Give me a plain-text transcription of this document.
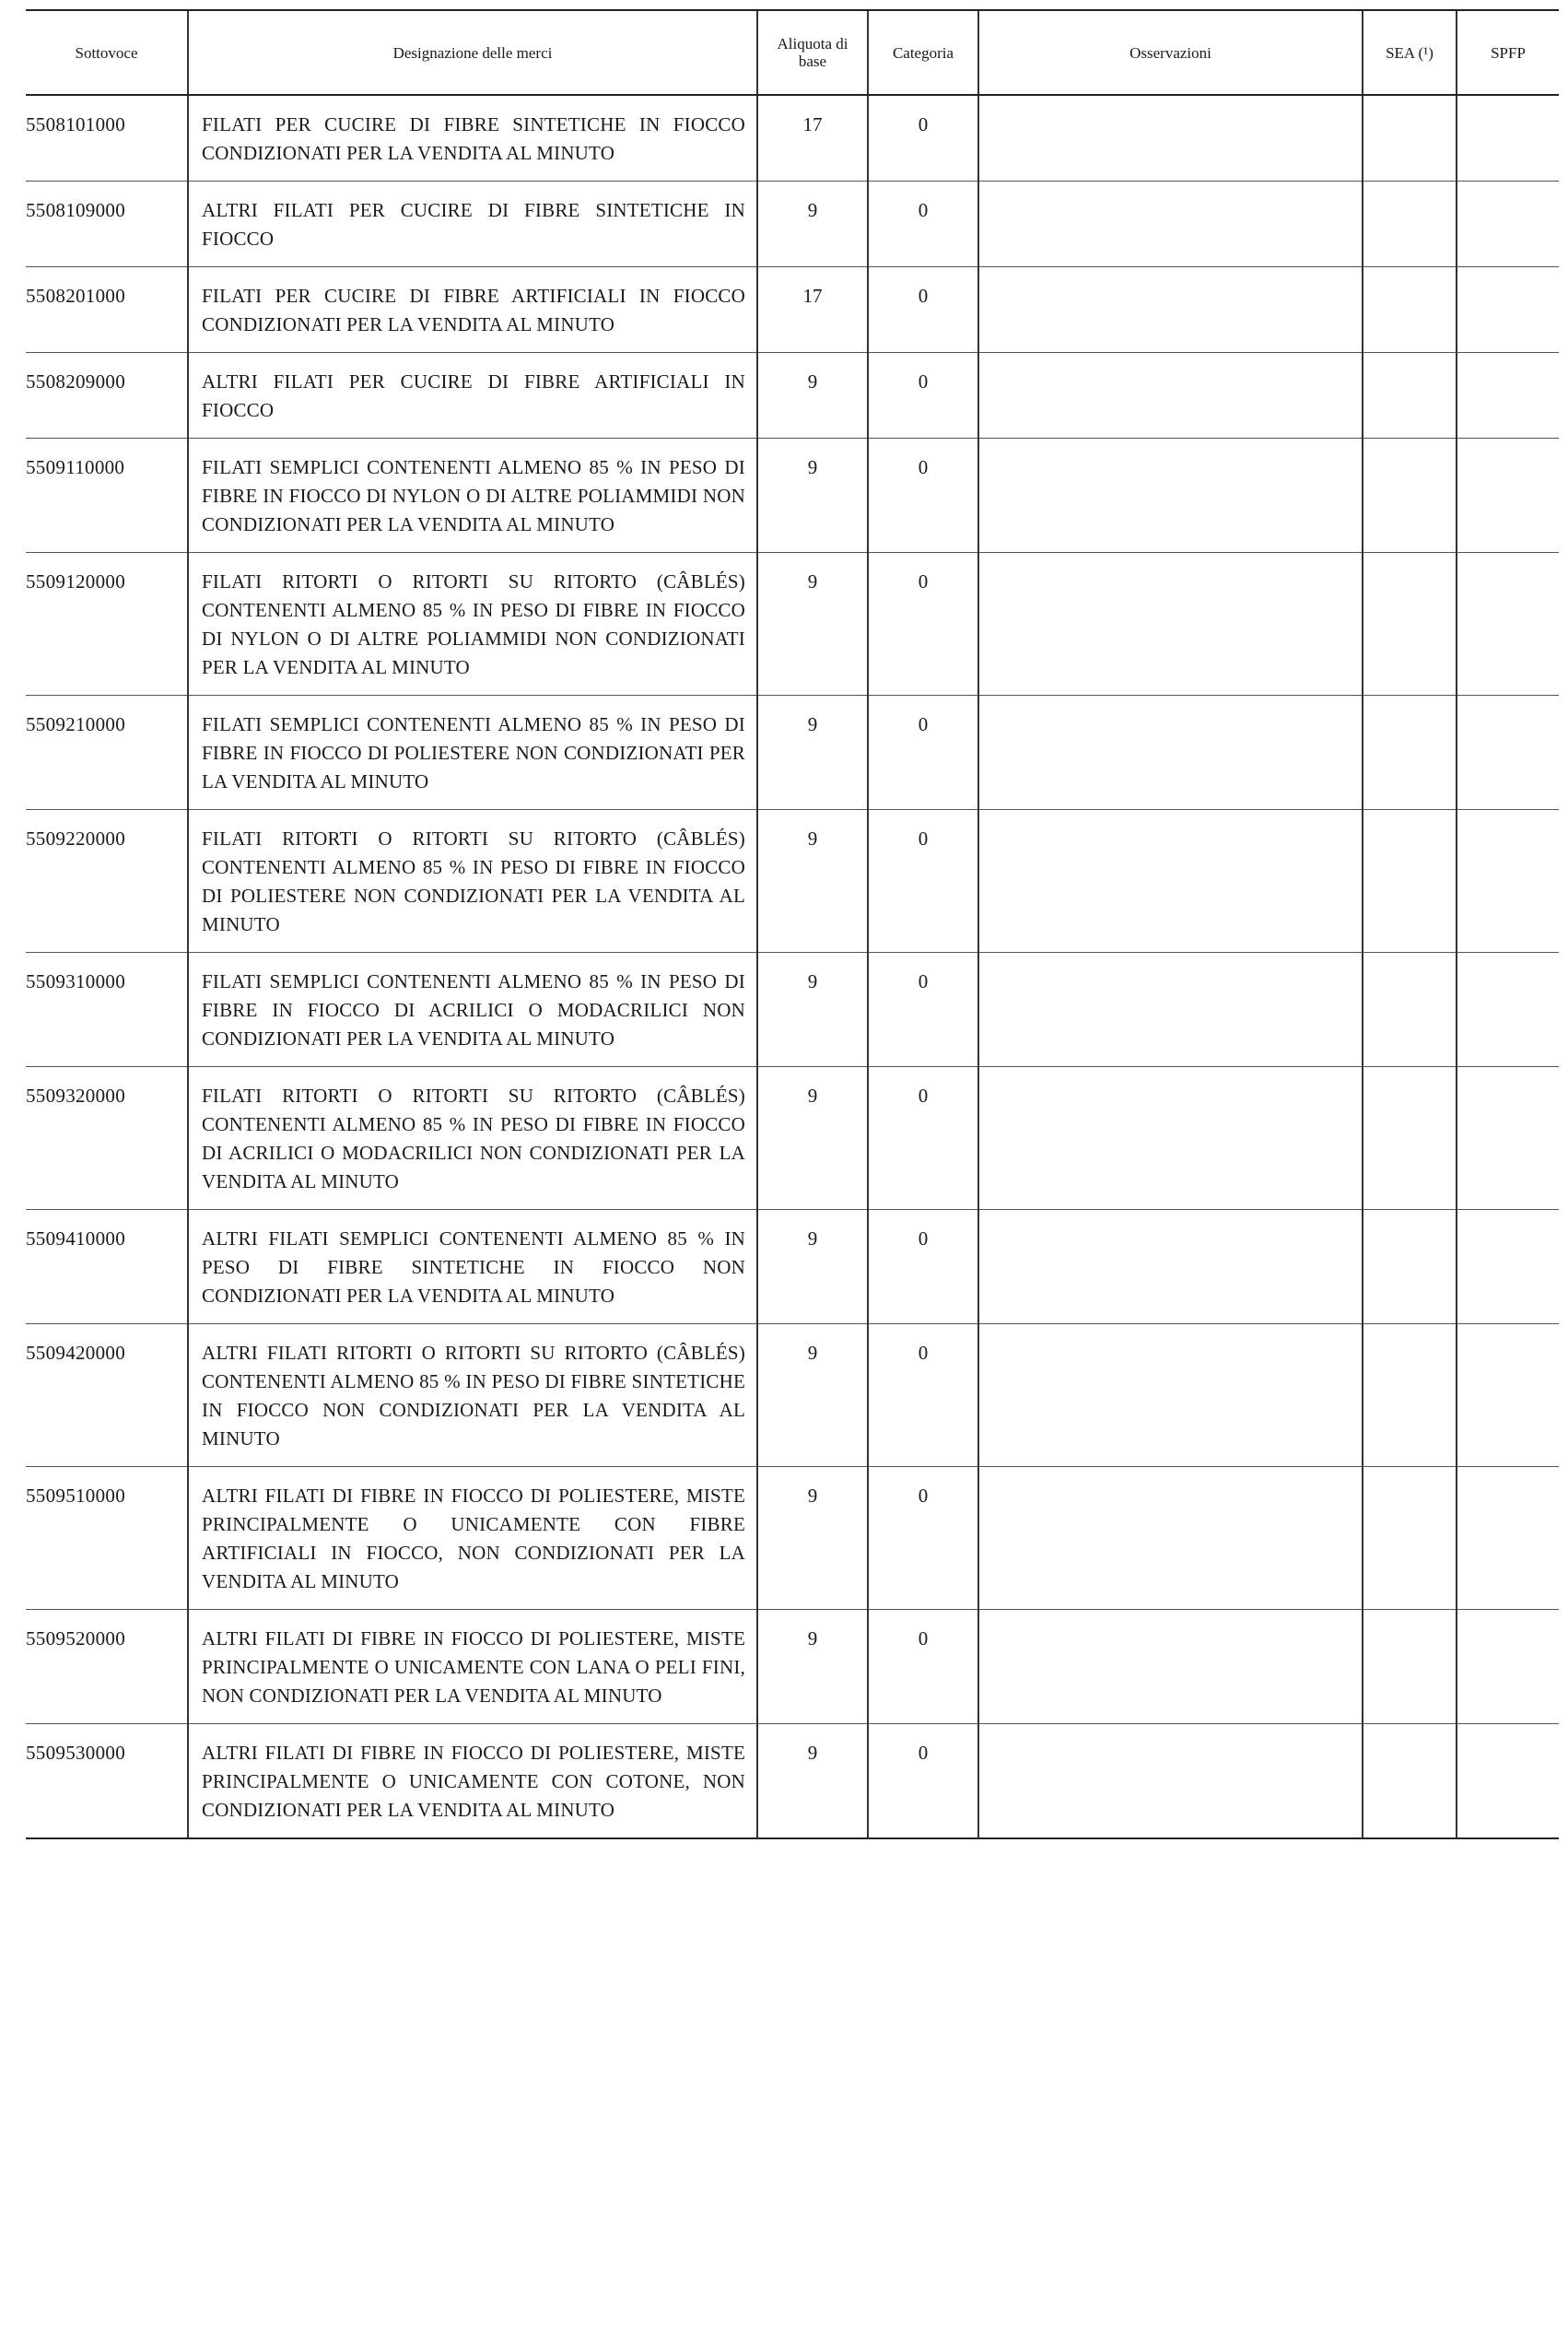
Sottovoce	Designazione delle merci	Aliquota di base	Categoria	Osservazioni	SEA (¹)	SPFP
5508101000	FILATI PER CUCIRE DI FIBRE SINTETICHE IN FIOCCO CONDIZIONATI PER LA VENDITA AL MINUTO	17	0			
5508109000	ALTRI FILATI PER CUCIRE DI FIBRE SINTETICHE IN FIOCCO	9	0			
5508201000	FILATI PER CUCIRE DI FIBRE ARTIFICIALI IN FIOCCO CONDIZIONATI PER LA VENDITA AL MINUTO	17	0			
5508209000	ALTRI FILATI PER CUCIRE DI FIBRE ARTIFICIALI IN FIOCCO	9	0			
5509110000	FILATI SEMPLICI CONTENENTI ALMENO 85 % IN PESO DI FIBRE IN FIOCCO DI NYLON O DI ALTRE POLIAMMIDI NON CONDIZIONATI PER LA VENDITA AL MINUTO	9	0			
5509120000	FILATI RITORTI O RITORTI SU RITORTO (CÂBLÉS) CONTENENTI ALMENO 85 % IN PESO DI FIBRE IN FIOCCO DI NYLON O DI ALTRE POLIAMMIDI NON CONDIZIONATI PER LA VENDITA AL MINUTO	9	0			
5509210000	FILATI SEMPLICI CONTENENTI ALMENO 85 % IN PESO DI FIBRE IN FIOCCO DI POLIESTERE NON CONDIZIONATI PER LA VENDITA AL MINUTO	9	0			
5509220000	FILATI RITORTI O RITORTI SU RITORTO (CÂBLÉS) CONTENENTI ALMENO 85 % IN PESO DI FIBRE IN FIOCCO DI POLIESTERE NON CONDIZIONATI PER LA VENDITA AL MINUTO	9	0			
5509310000	FILATI SEMPLICI CONTENENTI ALMENO 85 % IN PESO DI FIBRE IN FIOCCO DI ACRILICI O MODACRILICI NON CONDIZIONATI PER LA VENDITA AL MINUTO	9	0			
5509320000	FILATI RITORTI O RITORTI SU RITORTO (CÂBLÉS) CONTENENTI ALMENO 85 % IN PESO DI FIBRE IN FIOCCO DI ACRILICI O MODACRILICI NON CONDIZIONATI PER LA VENDITA AL MINUTO	9	0			
5509410000	ALTRI FILATI SEMPLICI CONTENENTI ALMENO 85 % IN PESO DI FIBRE SINTETICHE IN FIOCCO NON CONDIZIONATI PER LA VENDITA AL MINUTO	9	0			
5509420000	ALTRI FILATI RITORTI O RITORTI SU RITORTO (CÂBLÉS) CONTENENTI ALMENO 85 % IN PESO DI FIBRE SINTETICHE IN FIOCCO NON CONDIZIONATI PER LA VENDITA AL MINUTO	9	0			
5509510000	ALTRI FILATI DI FIBRE IN FIOCCO DI POLIESTERE, MISTE PRINCIPALMENTE O UNICAMENTE CON FIBRE ARTIFICIALI IN FIOCCO, NON CONDIZIONATI PER LA VENDITA AL MINUTO	9	0			
5509520000	ALTRI FILATI DI FIBRE IN FIOCCO DI POLIESTERE, MISTE PRINCIPALMENTE O UNICAMENTE CON LANA O PELI FINI, NON CONDIZIONATI PER LA VENDITA AL MINUTO	9	0			
5509530000	ALTRI FILATI DI FIBRE IN FIOCCO DI POLIESTERE, MISTE PRINCIPALMENTE O UNICAMENTE CON COTONE, NON CONDIZIONATI PER LA VENDITA AL MINUTO	9	0			
